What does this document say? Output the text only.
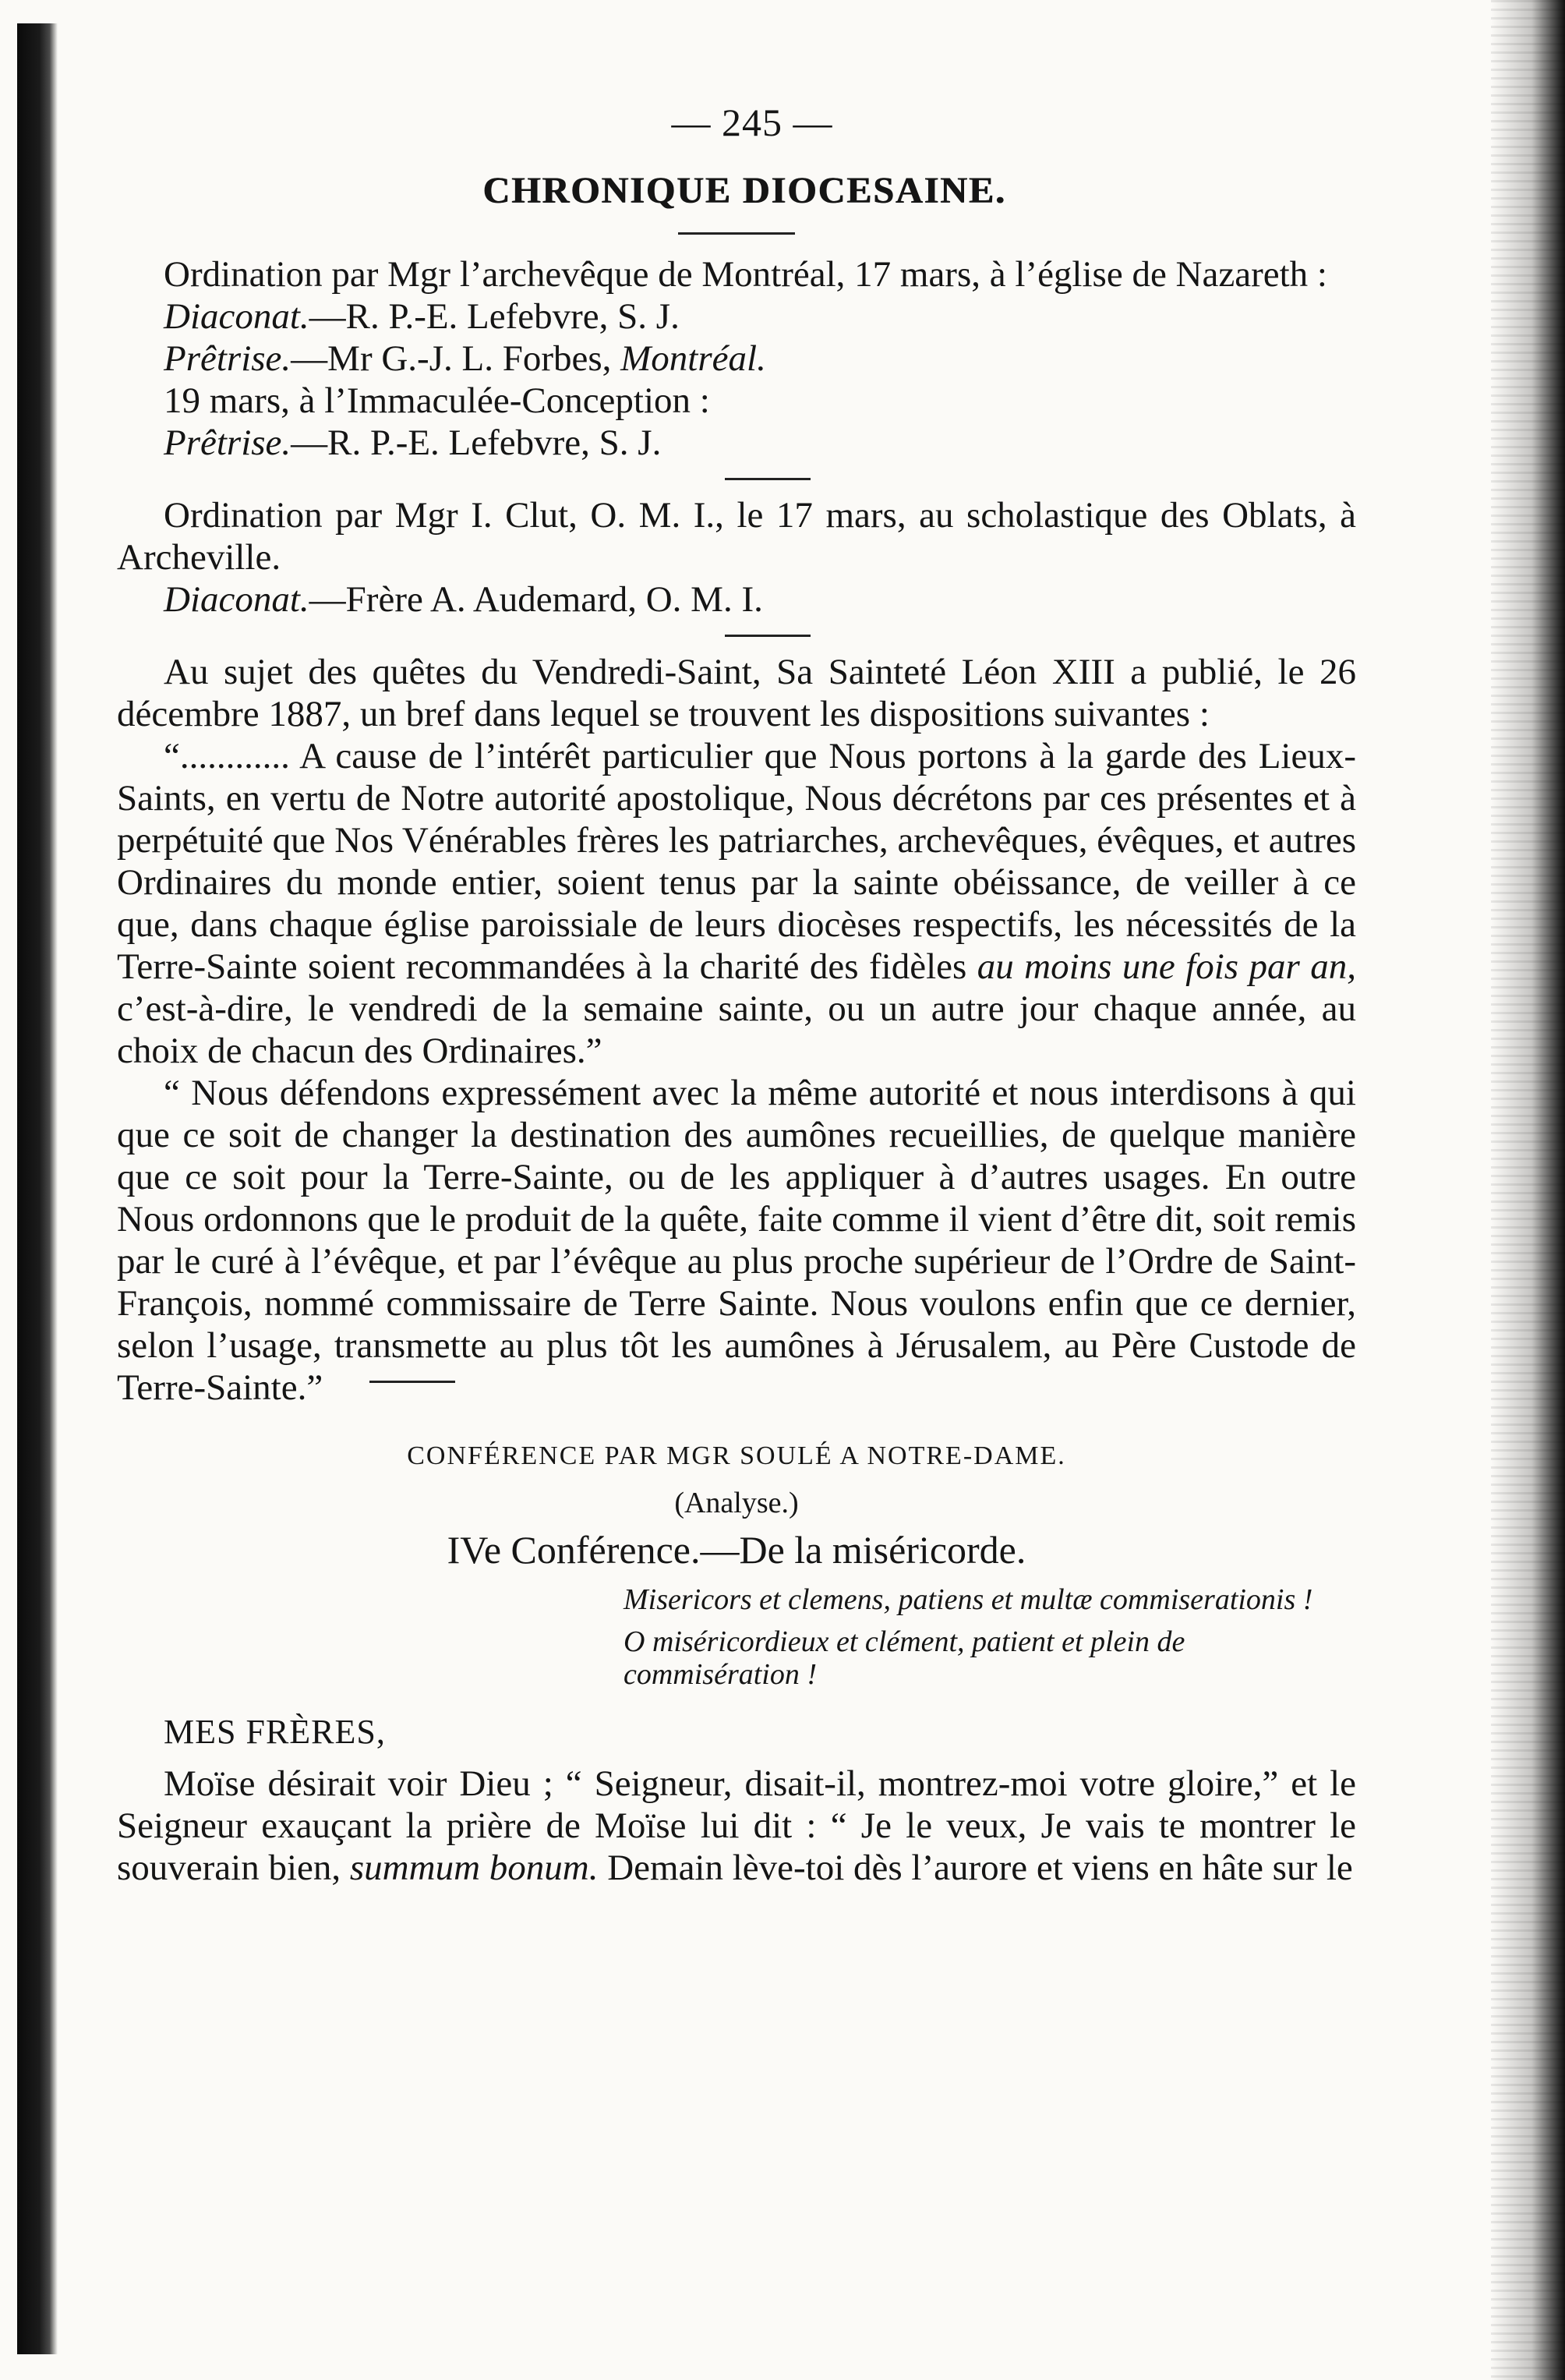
— 245 —
CHRONIQUE DIOCESAINE.

Ordination par Mgr l’archevêque de Montréal, 17 mars, à l’église de Nazareth :

Diaconat.—R. P.-E. Lefebvre, S. J.
Prêtrise.—Mr G.-J. L. Forbes, Montréal.
19 mars, à l’Immaculée-Conception :
Prêtrise.—R. P.-E. Lefebvre, S. J.

Ordination par Mgr I. Clut, O. M. I., le 17 mars, au scholastique des Oblats, à Archeville.

Diaconat.—Frère A. Audemard, O. M. I.

Au sujet des quêtes du Vendredi-Saint, Sa Sainteté Léon XIII a publié, le 26 décembre 1887, un bref dans lequel se trouvent les dispositions suivantes :

“............ A cause de l’intérêt particulier que Nous portons à la garde des Lieux-Saints, en vertu de Notre autorité apostolique, Nous décrétons par ces présentes et à perpétuité que Nos Vénérables frères les patriarches, archevêques, évêques, et autres Ordinaires du monde entier, soient tenus par la sainte obéissance, de veiller à ce que, dans chaque église paroissiale de leurs diocèses respectifs, les nécessités de la Terre-Sainte soient recommandées à la charité des fidèles au moins une fois par an, c’est-à-dire, le vendredi de la semaine sainte, ou un autre jour chaque année, au choix de chacun des Ordinaires.”

“ Nous défendons expressément avec la même autorité et nous interdisons à qui que ce soit de changer la destination des aumônes recueillies, de quelque manière que ce soit pour la Terre-Sainte, ou de les appliquer à d’autres usages. En outre Nous ordonnons que le produit de la quête, faite comme il vient d’être dit, soit remis par le curé à l’évêque, et par l’évêque au plus proche supérieur de l’Ordre de Saint-François, nommé commissaire de Terre Sainte. Nous voulons enfin que ce dernier, selon l’usage, transmette au plus tôt les aumônes à Jérusalem, au Père Custode de Terre-Sainte.”

CONFÉRENCE PAR MGR SOULÉ A NOTRE-DAME.
(Analyse.)
IVe Conférence.—De la miséricorde.
Misericors et clemens, patiens et multæ commiserationis !
O miséricordieux et clément, patient et plein de commisération !
MES FRÈRES,

Moïse désirait voir Dieu ; “ Seigneur, disait-il, montrez-moi votre gloire,” et le Seigneur exauçant la prière de Moïse lui dit : “ Je le veux, Je vais te montrer le souverain bien, summum bonum. Demain lève-toi dès l’aurore et viens en hâte sur le
